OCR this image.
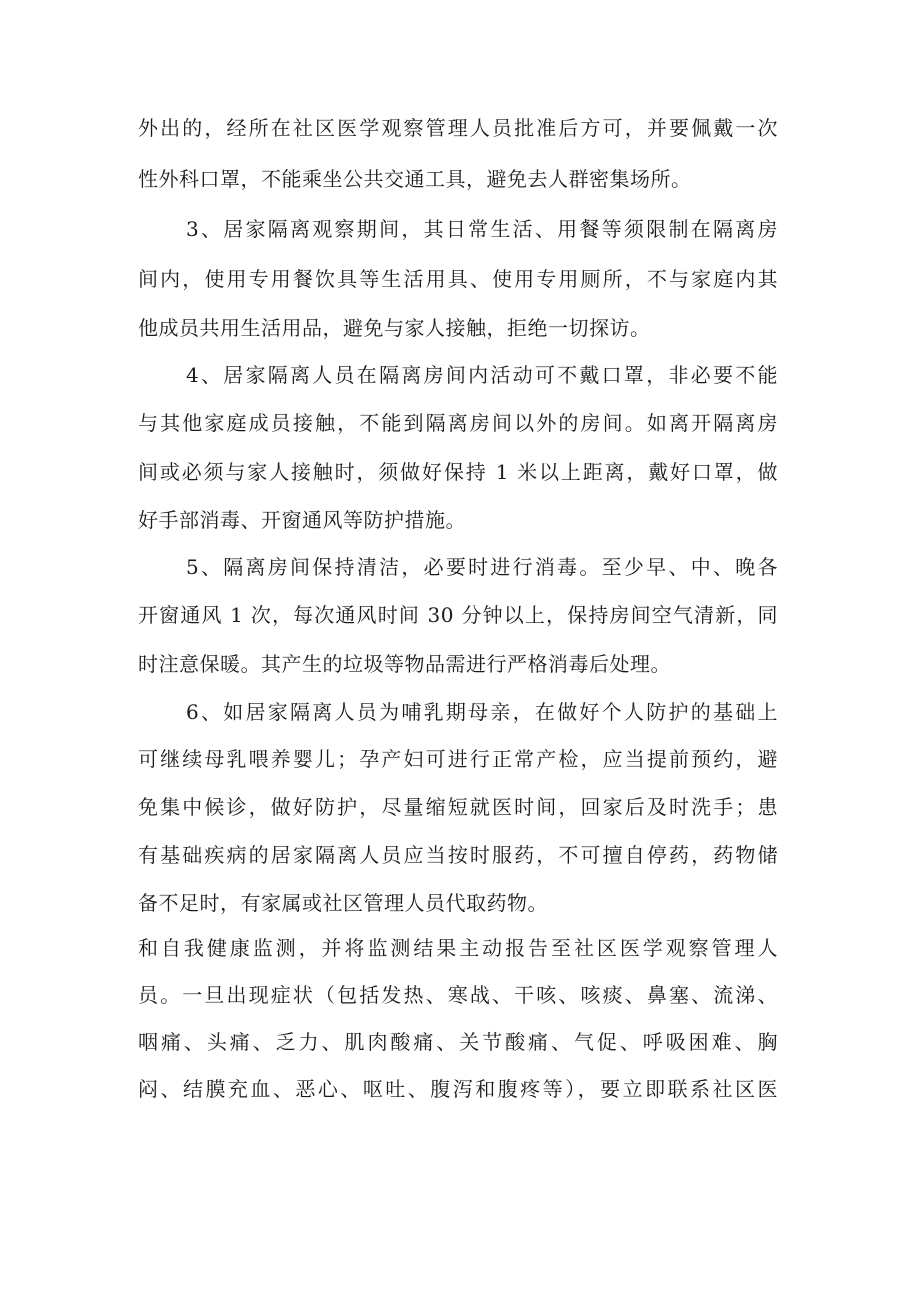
外出的，经所在社区医学观察管理人员批准后方可，并要佩戴一次
性外科口罩，不能乘坐公共交通工具，避免去人群密集场所。
3、居家隔离观察期间，其日常生活、用餐等须限制在隔离房
间内，使用专用餐饮具等生活用具、使用专用厕所，不与家庭内其
他成员共用生活用品，避免与家人接触，拒绝一切探访。
4、居家隔离人员在隔离房间内活动可不戴口罩，非必要不能
与其他家庭成员接触，不能到隔离房间以外的房间。如离开隔离房
间或必须与家人接触时，须做好保持 1 米以上距离，戴好口罩，做
好手部消毒、开窗通风等防护措施。
5、隔离房间保持清洁，必要时进行消毒。至少早、中、晚各
开窗通风 1 次，每次通风时间 30 分钟以上，保持房间空气清新，同
时注意保暖。其产生的垃圾等物品需进行严格消毒后处理。
6、如居家隔离人员为哺乳期母亲，在做好个人防护的基础上
可继续母乳喂养婴儿；孕产妇可进行正常产检，应当提前预约，避
免集中候诊，做好防护，尽量缩短就医时间，回家后及时洗手；患
有基础疾病的居家隔离人员应当按时服药，不可擅自停药，药物储
备不足时，有家属或社区管理人员代取药物。
和自我健康监测，并将监测结果主动报告至社区医学观察管理人
员。一旦出现症状（包括发热、寒战、干咳、咳痰、鼻塞、流涕、
咽痛、头痛、乏力、肌肉酸痛、关节酸痛、气促、呼吸困难、胸
闷、结膜充血、恶心、呕吐、腹泻和腹疼等），要立即联系社区医
